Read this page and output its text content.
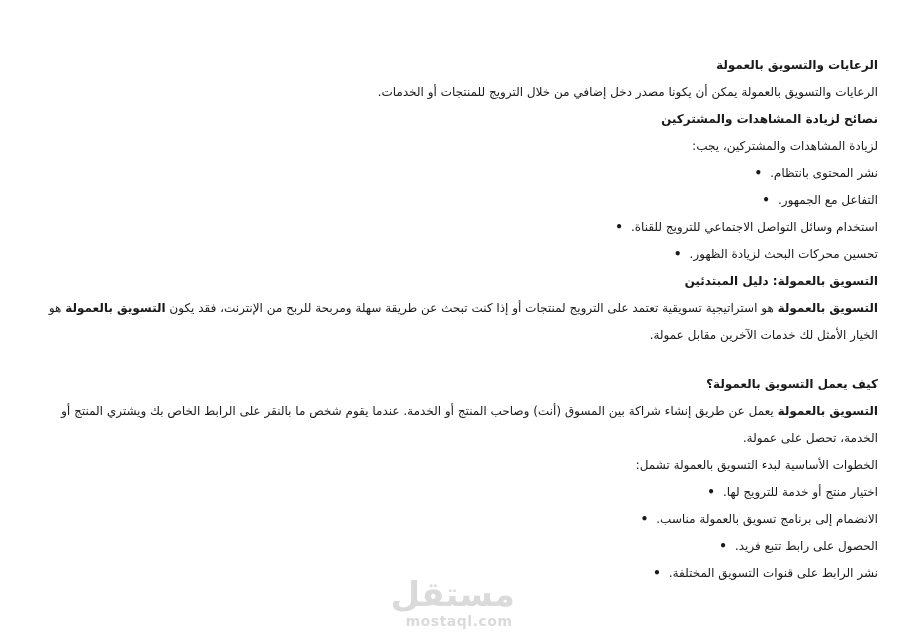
الرعايات والتسويق بالعمولة

الرعايات والتسويق بالعمولة يمكن أن يكونا مصدر دخل إضافي من خلال الترويج للمنتجات أو الخدمات.

نصائح لزيادة المشاهدات والمشتركين

لزيادة المشاهدات والمشتركين، يجب:

نشر المحتوى بانتظام.•
التفاعل مع الجمهور.•
استخدام وسائل التواصل الاجتماعي للترويج للقناة.•
تحسين محركات البحث لزيادة الظهور.•

التسويق بالعمولة: دليل المبتدئين

التسويق بالعمولة هو استراتيجية تسويقية تعتمد على الترويج لمنتجات أو إذا كنت تبحث عن طريقة سهلة ومربحة للربح من الإنترنت، فقد يكون التسويق بالعمولة هو الخيار الأمثل لك خدمات الآخرين مقابل عمولة.

كيف يعمل التسويق بالعمولة؟

التسويق بالعمولة يعمل عن طريق إنشاء شراكة بين المسوق (أنت) وصاحب المنتج أو الخدمة. عندما يقوم شخص ما بالنقر على الرابط الخاص بك ويشتري المنتج أو الخدمة، تحصل على عمولة.

الخطوات الأساسية لبدء التسويق بالعمولة تشمل:

اختيار منتج أو خدمة للترويج لها.•
الانضمام إلى برنامج تسويق بالعمولة مناسب.•
الحصول على رابط تتبع فريد.•
نشر الرابط على قنوات التسويق المختلفة.•
مستقل
mostaql.com
